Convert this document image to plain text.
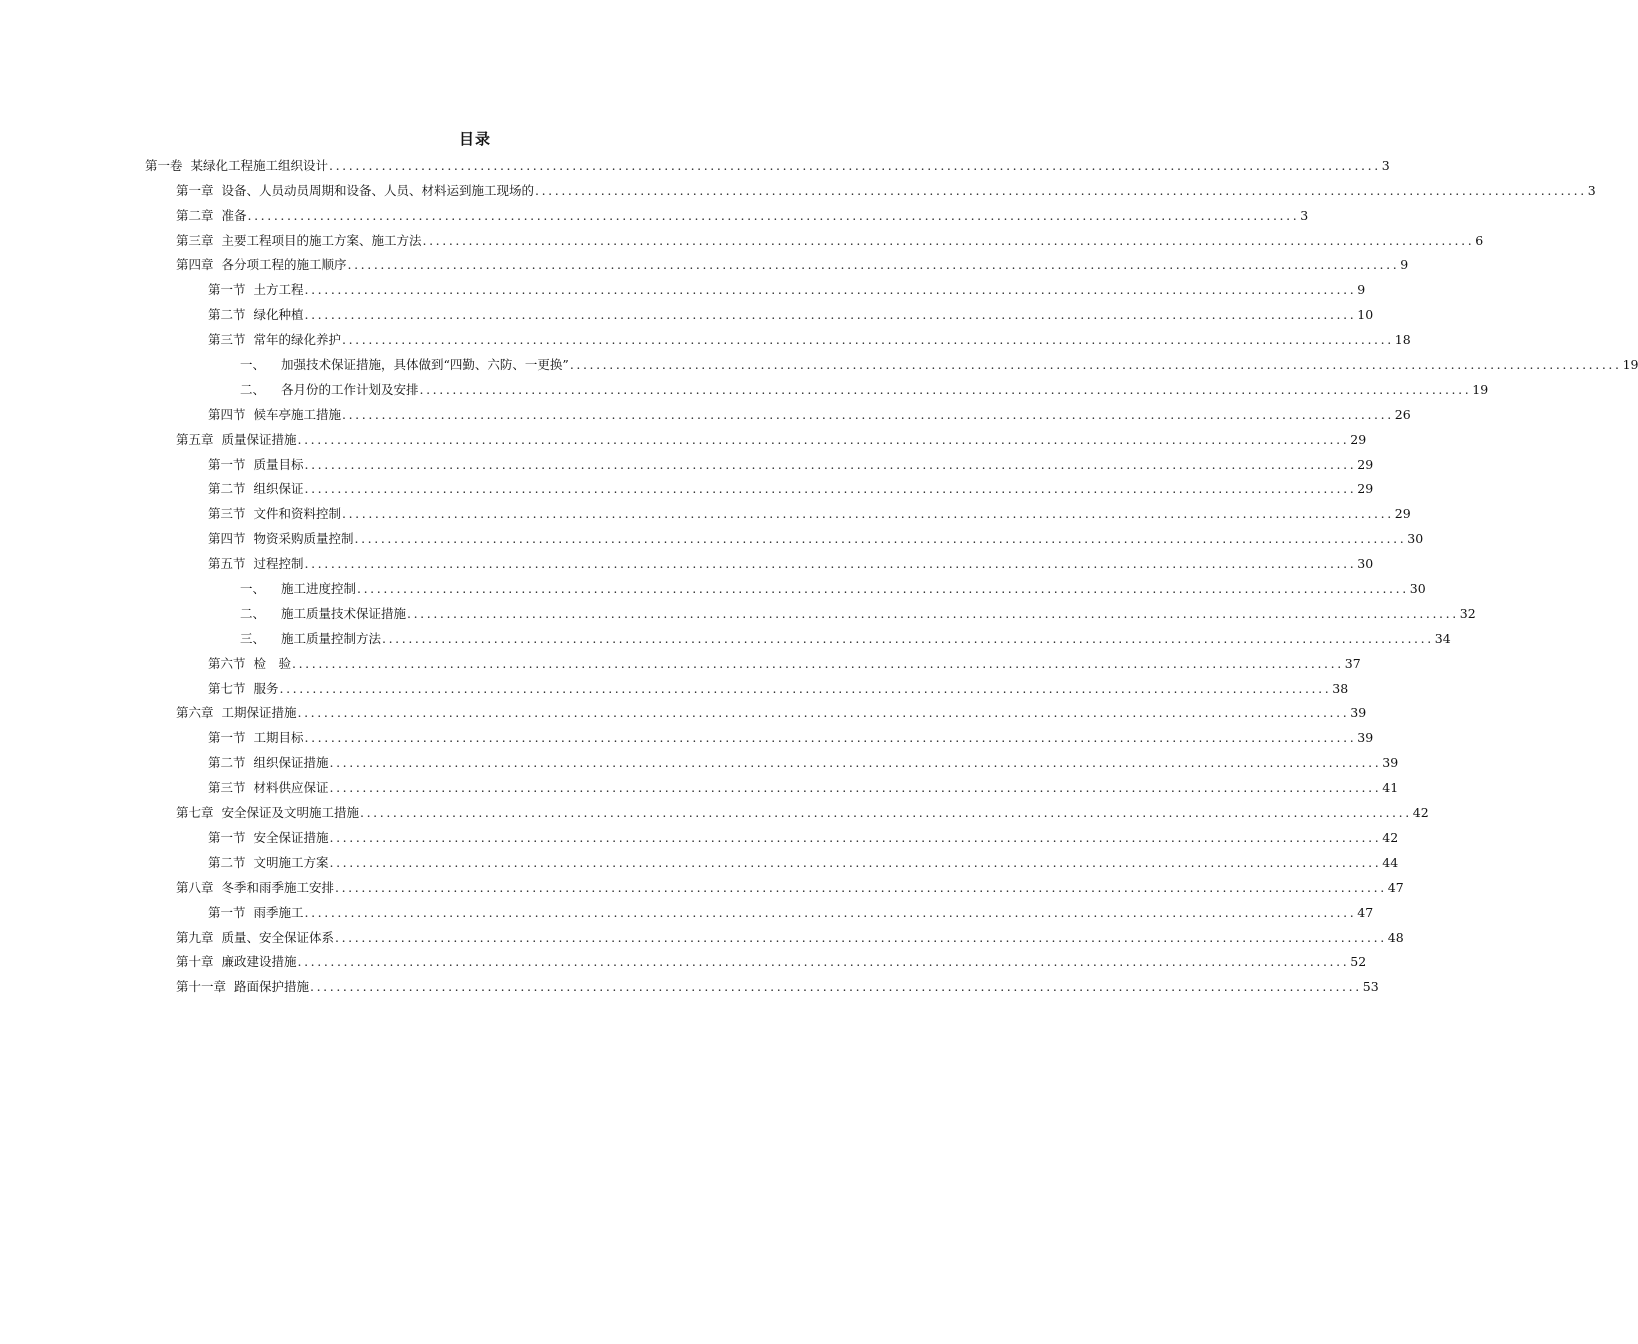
目录
第一卷 某绿化工程施工组织设计 ................................................................................................................................................................ 3
第一章 设备、人员动员周期和设备、人员、材料运到施工现场的 ................................................................................................................................................................ 3
第二章 准备 ................................................................................................................................................................ 3
第三章 主要工程项目的施工方案、施工方法 ................................................................................................................................................................ 6
第四章 各分项工程的施工顺序 ................................................................................................................................................................ 9
第一节 土方工程 ................................................................................................................................................................ 9
第二节 绿化种植 ................................................................................................................................................................ 10
第三节 常年的绿化养护 ................................................................................................................................................................ 18
一、 加强技术保证措施，具体做到“四勤、六防、一更换” ................................................................................................................................................................ 19
二、 各月份的工作计划及安排 ................................................................................................................................................................ 19
第四节 候车亭施工措施 ................................................................................................................................................................ 26
第五章 质量保证措施 ................................................................................................................................................................ 29
第一节 质量目标 ................................................................................................................................................................ 29
第二节 组织保证 ................................................................................................................................................................ 29
第三节 文件和资料控制 ................................................................................................................................................................ 29
第四节 物资采购质量控制 ................................................................................................................................................................ 30
第五节 过程控制 ................................................................................................................................................................ 30
一、 施工进度控制 ................................................................................................................................................................ 30
二、 施工质量技术保证措施 ................................................................................................................................................................ 32
三、 施工质量控制方法 ................................................................................................................................................................ 34
第六节 检　验 ................................................................................................................................................................ 37
第七节 服务 ................................................................................................................................................................ 38
第六章 工期保证措施 ................................................................................................................................................................ 39
第一节 工期目标 ................................................................................................................................................................ 39
第二节 组织保证措施 ................................................................................................................................................................ 39
第三节 材料供应保证 ................................................................................................................................................................ 41
第七章 安全保证及文明施工措施 ................................................................................................................................................................ 42
第一节 安全保证措施 ................................................................................................................................................................ 42
第二节 文明施工方案 ................................................................................................................................................................ 44
第八章 冬季和雨季施工安排 ................................................................................................................................................................ 47
第一节 雨季施工 ................................................................................................................................................................ 47
第九章 质量、安全保证体系 ................................................................................................................................................................ 48
第十章 廉政建设措施 ................................................................................................................................................................ 52
第十一章 路面保护措施 ................................................................................................................................................................ 53
